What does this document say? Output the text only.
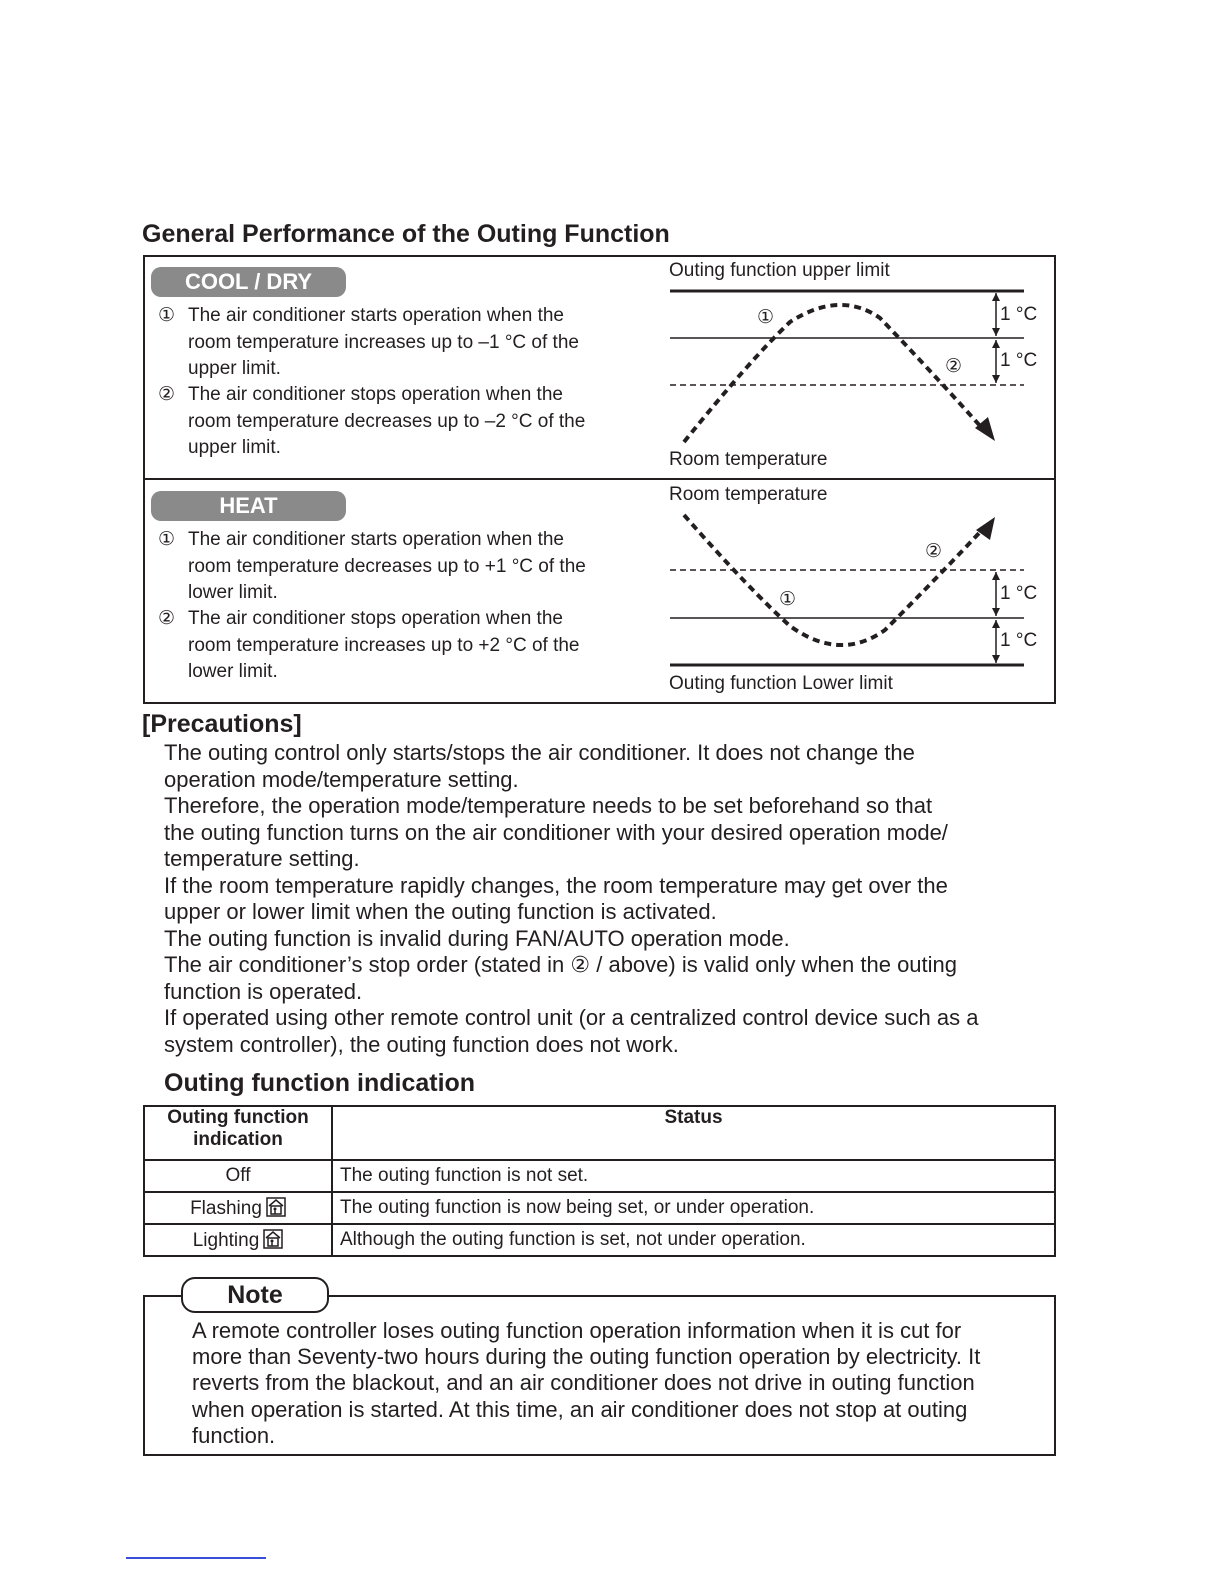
General Performance of the Outing Function
COOL / DRY
① The air conditioner starts operation when the
room temperature increases up to –1 °C of the
upper limit.
② The air conditioner stops operation when the
room temperature decreases up to –2 °C of the
upper limit.
Outing function upper limit
Room temperature
1 °C
1 °C
①
②
HEAT
① The air conditioner starts operation when the
room temperature decreases up to +1 °C of the
lower limit.
② The air conditioner stops operation when the
room temperature increases up to +2 °C of the
lower limit.
Room temperature
Outing function Lower limit
1 °C
1 °C
①
②
[Precautions]
The outing control only starts/stops the air conditioner. It does not change the
operation mode/temperature setting.
Therefore, the operation mode/temperature needs to be set beforehand so that
the outing function turns on the air conditioner with your desired operation mode/
temperature setting.
If the room temperature rapidly changes, the room temperature may get over the
upper or lower limit when the outing function is activated.
The outing function is invalid during FAN/AUTO operation mode.
The air conditioner’s stop order (stated in ② / above) is valid only when the outing
function is operated.
If operated using other remote control unit (or a centralized control device such as a
system controller), the outing function does not work.
Outing function indication
Outing function
indication	Status
Off	The outing function is not set.
Flashing	The outing function is now being set, or under operation.
Lighting	Although the outing function is set, not under operation.
Note
A remote controller loses outing function operation information when it is cut for
more than Seventy-two hours during the outing function operation by electricity. It
reverts from the blackout, and an air conditioner does not drive in outing function
when operation is started. At this time, an air conditioner does not stop at outing
function.
